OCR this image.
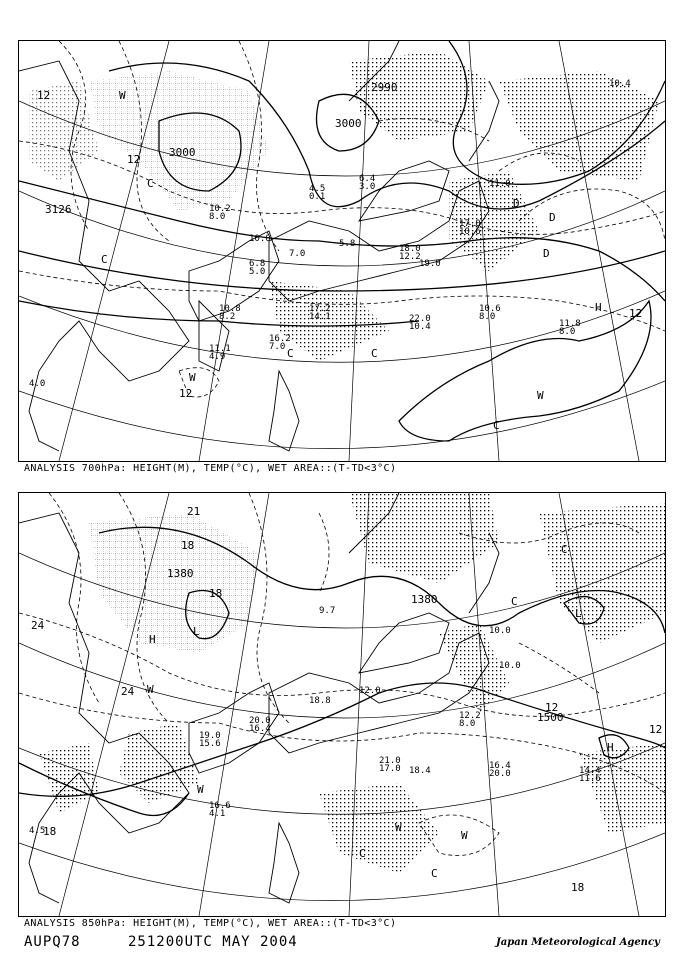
10.2
8.0
6.8
5.0
4.5
0.1
6.4
3.0
18.0
12.2
19.0
17.0
10.6
10.6
8.0
11.8
8.0
10.8
8.2
16.2
7.0
17.2
14.1	22.0
10.4
11.1
4.9
4.0
11.0
10.4
10.0
7.0
5.8
3000
2990
3000
3126
12
12
12
12
W
W
W
C
C
C	C
C
H
D
D
D
ANALYSIS 700hPa: HEIGHT(M), TEMP(°C), WET AREA::(T-TD<3°C)
19.0
15.6
20.0
16.4
18.8
12.0
21.0
17.0 18.4
12.2
8.0
16.4
20.0	14.4
11.6
16.6
4.1
4.5
10.0
10.0
9.7
1380
1380
1500
24
24
18
18
18
18
12
12
21
W
W
W
W
C
C
C
C
H
H
L
L
ANALYSIS 850hPa: HEIGHT(M), TEMP(°C), WET AREA::(T-TD<3°C)
AUPQ78	251200UTC MAY 2004	Japan Meteorological Agency
